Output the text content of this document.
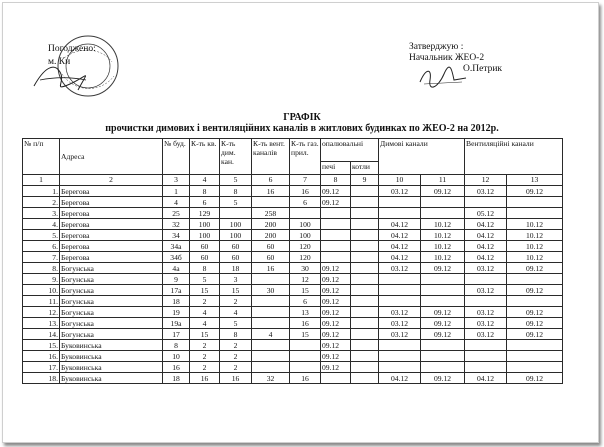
Погоджено:
м. Ки
Затверджую :
Начальник ЖЕО-2

О.Петрик
ГРАФІК
прочистки димових і вентиляційних каналів в житлових будинках по ЖЕО-2 на 2012р.
№ п/п	Адреса	№ буд.	К-ть кв.	К-ть дим. кан.	К-ть вент. каналів	К-ть газ. прил.	опалювальні		Димові канали		Вентиляційні канали	
							печі	котли				
1	2	3	4	5	6	7	8	9	10	11	12	13
1.	Берегова	1	8	8	16	16	09.12		03.12	09.12	03.12	09.12
2.	Берегова	4	6	5		6	09.12					
3.	Берегова	25	129		258						05.12	
4.	Берегова	32	100	100	200	100			04.12	10.12	04.12	10.12
5.	Берегова	34	100	100	200	100			04.12	10.12	04.12	10.12
6.	Берегова	34а	60	60	60	120			04.12	10.12	04.12	10.12
7.	Берегова	34б	60	60	60	120			04.12	10.12	04.12	10.12
8.	Богунська	4а	8	18	16	30	09.12		03.12	09.12	03.12	09.12
9.	Богунська	9	5	3		12	09.12					
10.	Богунська	17а	15	15	30	15	09.12				03.12	09.12
11.	Богунська	18	2	2		6	09.12					
12.	Богунська	19	4	4		13	09.12		03.12	09.12	03.12	09.12
13.	Богунська	19а	4	5		16	09.12		03.12	09.12	03.12	09.12
14.	Богунська	17	15	8	4	15	09.12		03.12	09.12	03.12	09.12
15.	Буковинська	8	2	2			09.12					
16.	Буковинська	10	2	2			09.12					
17.	Буковинська	16	2	2			09.12					
18.	Буковинська	18	16	16	32	16			04.12	09.12	04.12	09.12
